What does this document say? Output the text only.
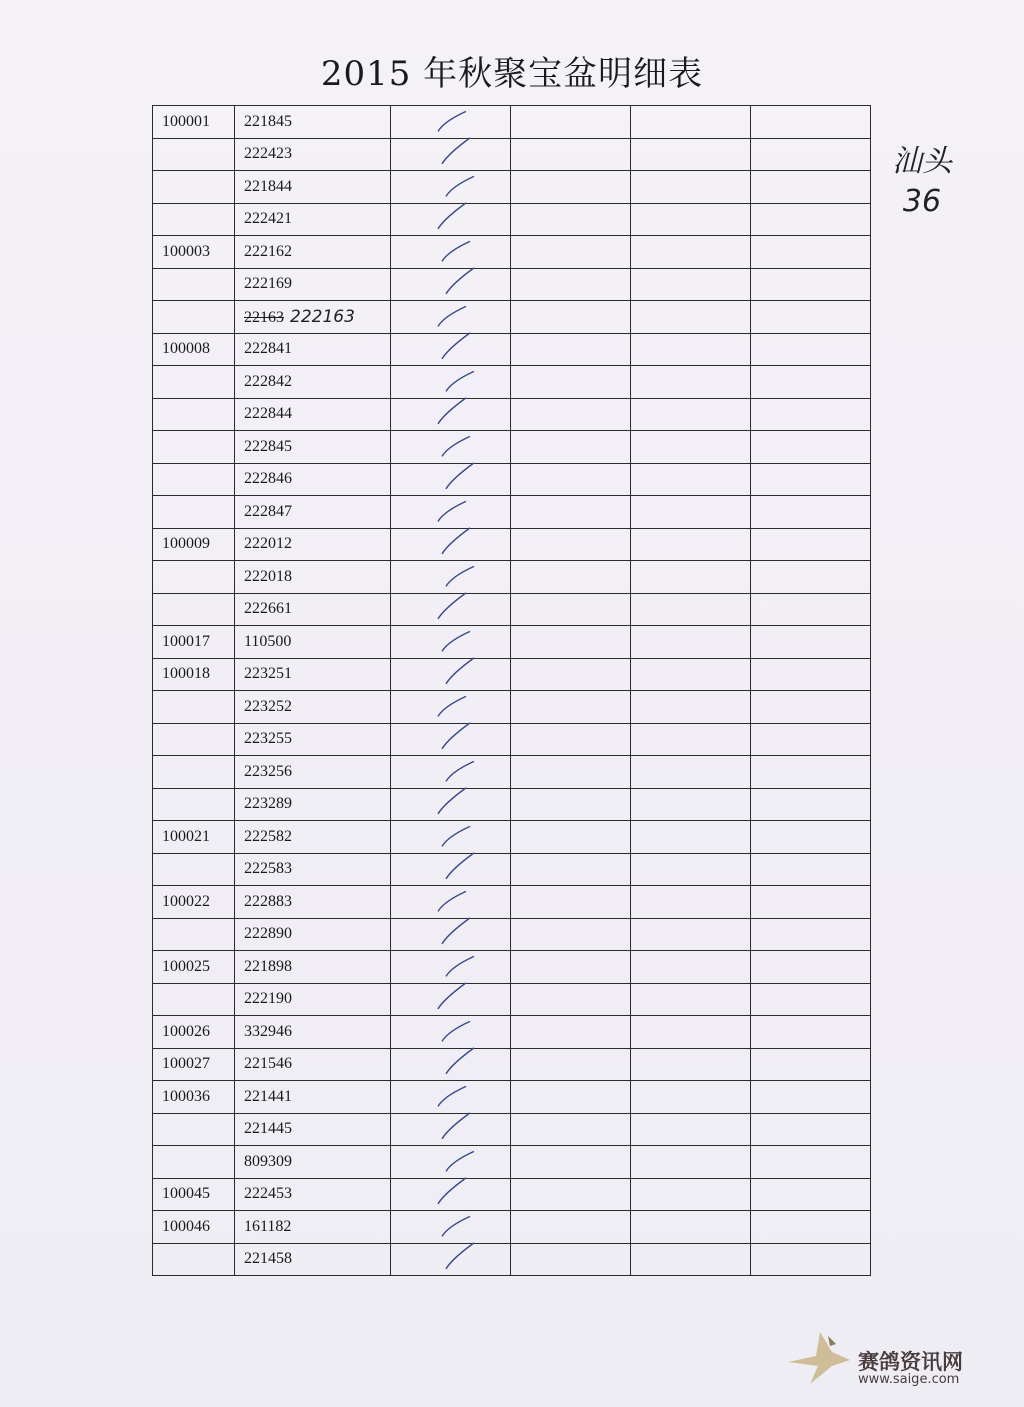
2015 年秋聚宝盆明细表
100001	221845				
	222423				
	221844				
	222421				
100003	222162				
	222169				
	22163 222163				
100008	222841				
	222842				
	222844				
	222845				
	222846				
	222847				
100009	222012				
	222018				
	222661				
100017	110500				
100018	223251				
	223252				
	223255				
	223256				
	223289				
100021	222582				
	222583				
100022	222883				
	222890				
100025	221898				
	222190				
100026	332946				
100027	221546				
100036	221441				
	221445				
	809309				
100045	222453				
100046	161182				
	221458				
汕头
36
赛鸽资讯网
www.saige.com
